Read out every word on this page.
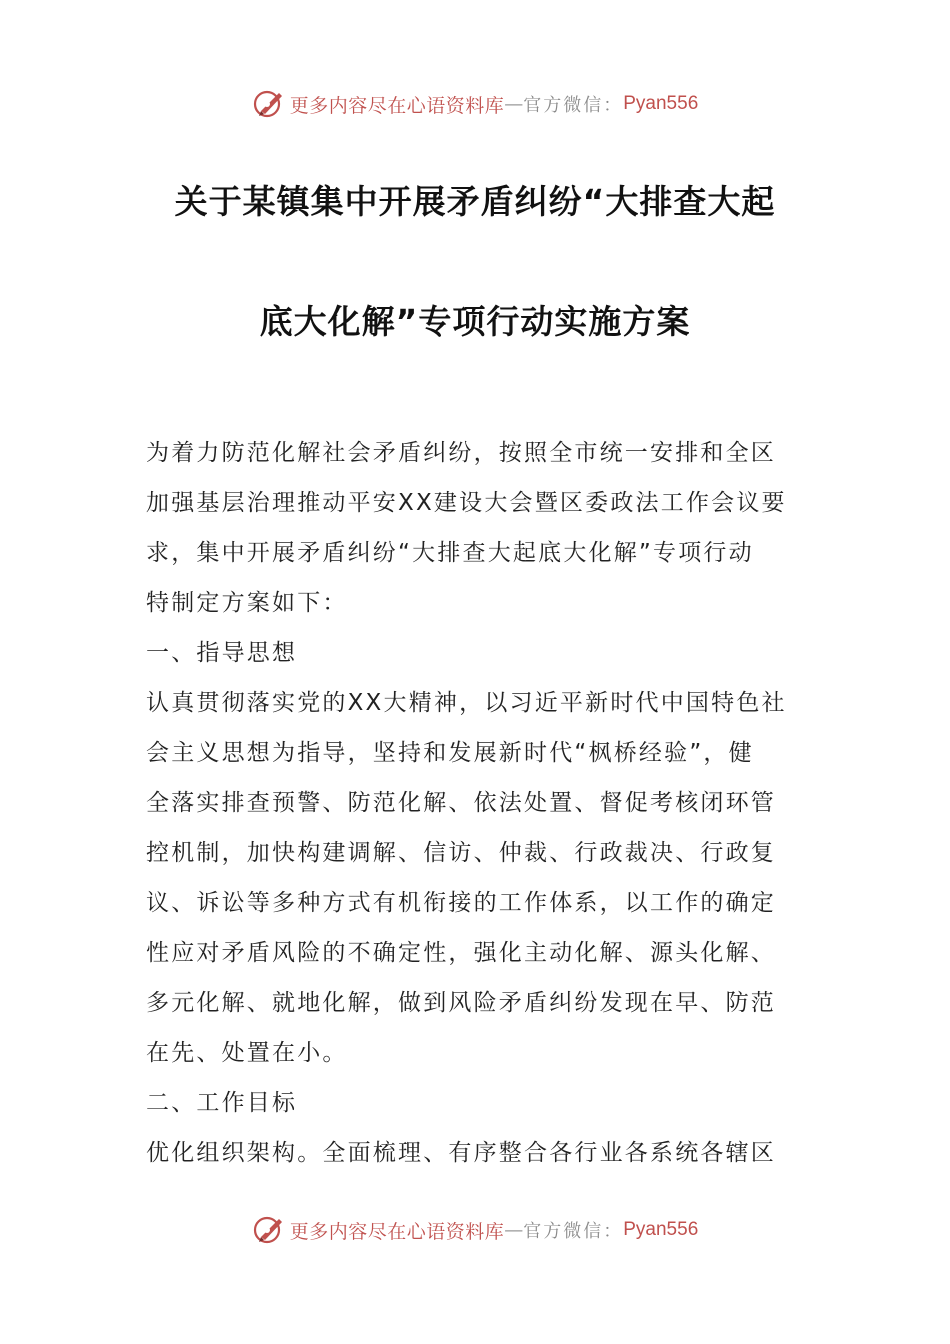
更多内容尽在心语资料库 — 官方微信： Pyan556
关于某镇集中开展矛盾纠纷“大排查大起
底大化解”专项行动实施方案
为着力防范化解社会矛盾纠纷，按照全市统一安排和全区
加强基层治理推动平安XX建设大会暨区委政法工作会议要
求，集中开展矛盾纠纷“大排查大起底大化解”专项行动
特制定方案如下：
一、指导思想
认真贯彻落实党的XX大精神，以习近平新时代中国特色社
会主义思想为指导，坚持和发展新时代“枫桥经验”，健
全落实排查预警、防范化解、依法处置、督促考核闭环管
控机制，加快构建调解、信访、仲裁、行政裁决、行政复
议、诉讼等多种方式有机衔接的工作体系，以工作的确定
性应对矛盾风险的不确定性，强化主动化解、源头化解、
多元化解、就地化解，做到风险矛盾纠纷发现在早、防范
在先、处置在小。
二、工作目标
优化组织架构。全面梳理、有序整合各行业各系统各辖区
更多内容尽在心语资料库 — 官方微信： Pyan556
